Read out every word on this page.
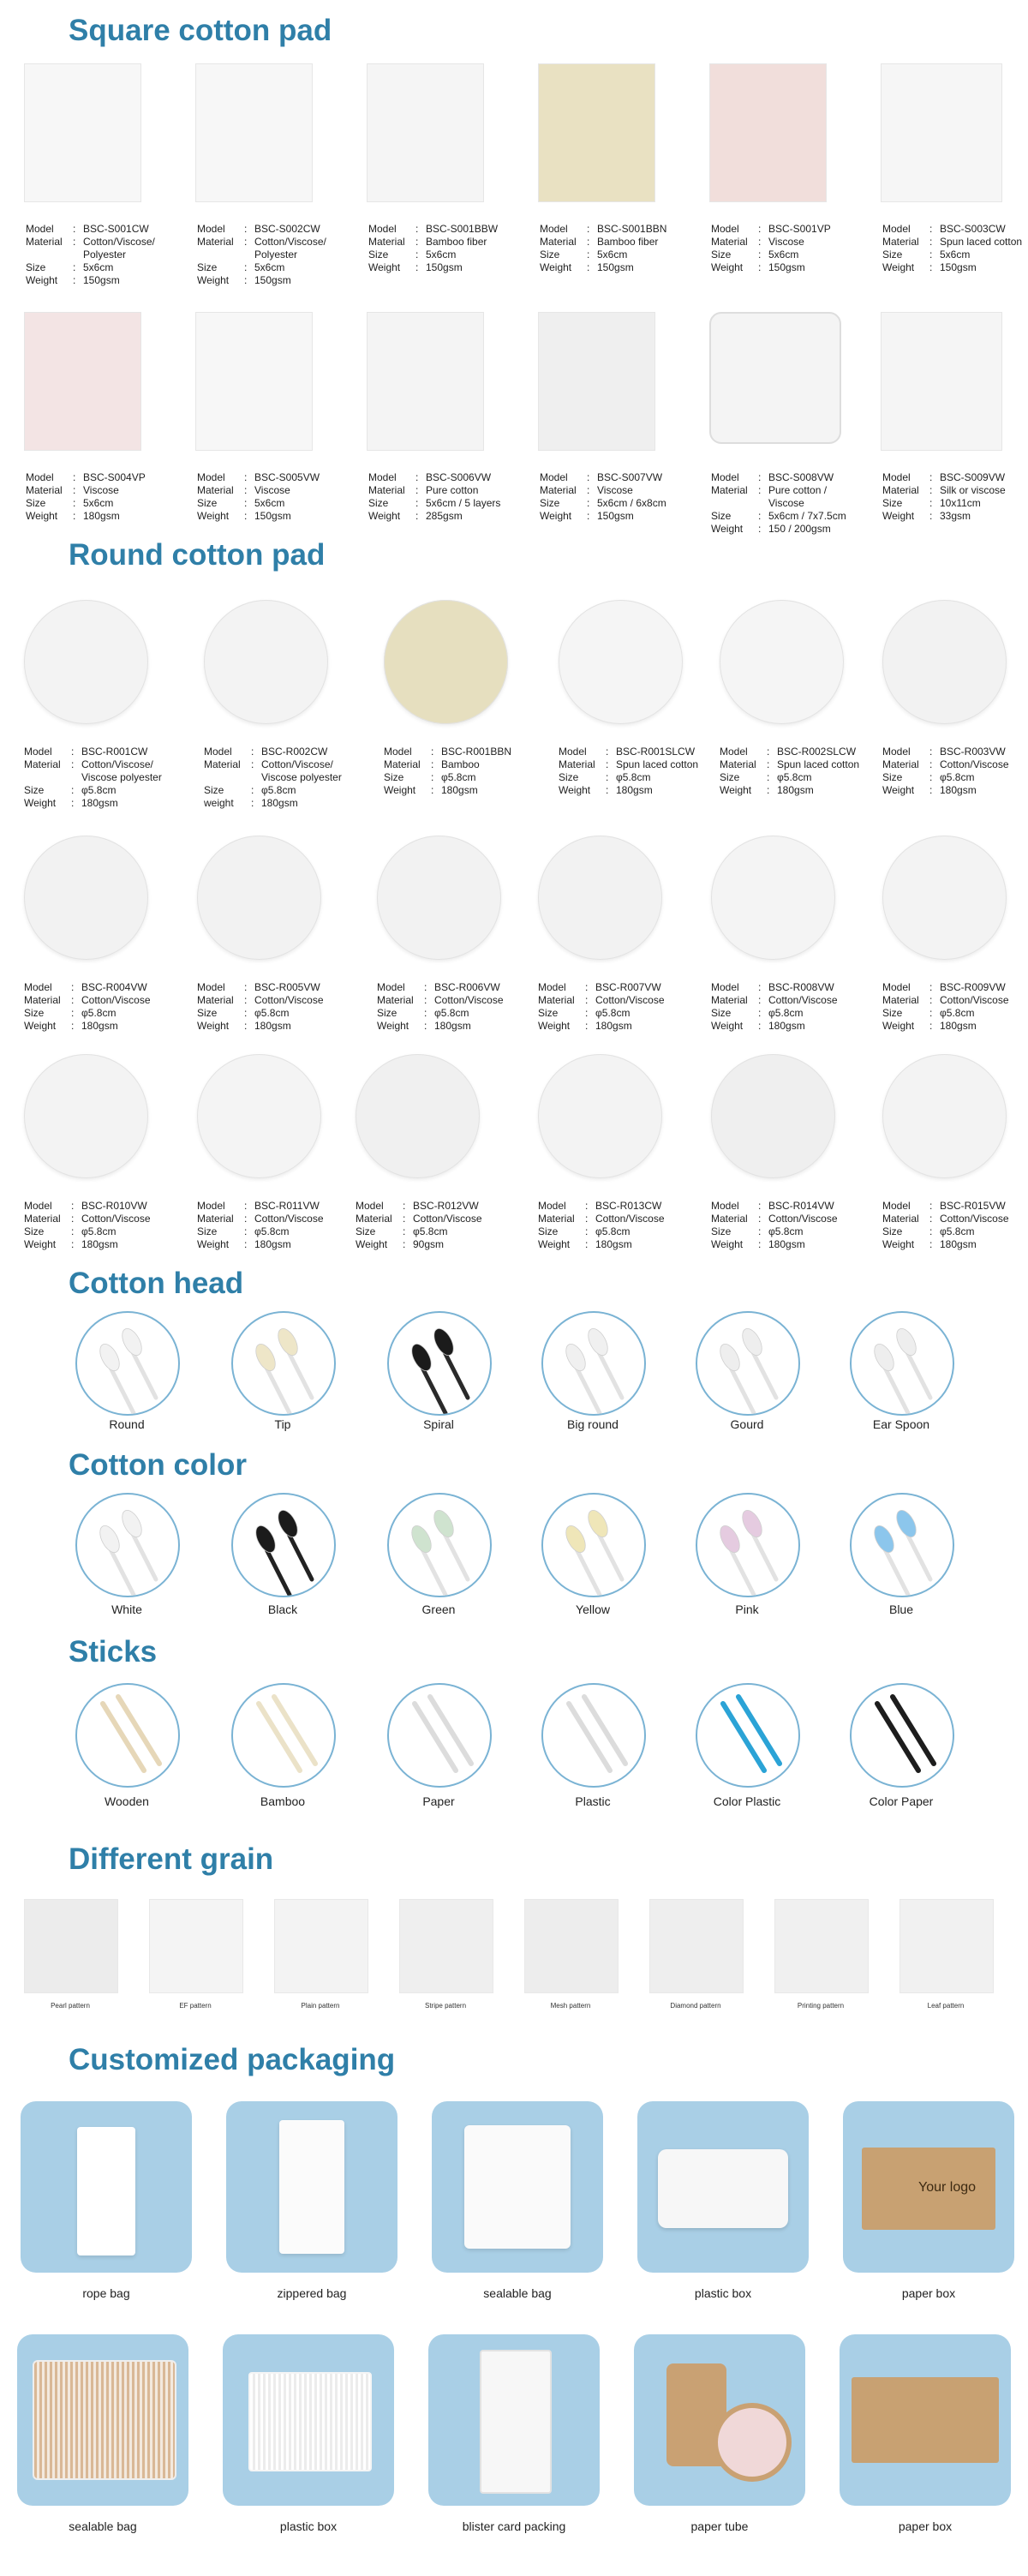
Square cotton pad
Model	: BSC-S001CW
Material	: Cotton/Viscose/ Polyester
Size	: 5x6cm
Weight	: 150gsm
Model	: BSC-S002CW
Material	: Cotton/Viscose/ Polyester
Size	: 5x6cm
Weight	: 150gsm
Model	: BSC-S001BBW
Material	: Bamboo fiber
Size	: 5x6cm
Weight	: 150gsm
Model	: BSC-S001BBN
Material	: Bamboo fiber
Size	: 5x6cm
Weight	: 150gsm
Model	: BSC-S001VP
Material	: Viscose
Size	: 5x6cm
Weight	: 150gsm
Model	: BSC-S003CW
Material	: Spun laced cotton
Size	: 5x6cm
Weight	: 150gsm
Model	: BSC-S004VP
Material	: Viscose
Size	: 5x6cm
Weight	: 180gsm
Model	: BSC-S005VW
Material	: Viscose
Size	: 5x6cm
Weight	: 150gsm
Model	: BSC-S006VW
Material	: Pure cotton
Size	: 5x6cm / 5 layers
Weight	: 285gsm
Model	: BSC-S007VW
Material	: Viscose
Size	: 5x6cm / 6x8cm
Weight	: 150gsm
Model	: BSC-S008VW
Material	: Pure cotton / Viscose
Size	: 5x6cm / 7x7.5cm
Weight	: 150 / 200gsm
Model	: BSC-S009VW
Material	: Silk or viscose
Size	: 10x11cm
Weight	: 33gsm
Round cotton pad
Model	: BSC-R001CW
Material	: Cotton/Viscose/ Viscose polyester
Size	: φ5.8cm
Weight	: 180gsm
Model	: BSC-R002CW
Material	: Cotton/Viscose/ Viscose polyester
Size	: φ5.8cm
weight	: 180gsm
Model	: BSC-R001BBN
Material	: Bamboo
Size	: φ5.8cm
Weight	: 180gsm
Model	: BSC-R001SLCW
Material	: Spun laced cotton
Size	: φ5.8cm
Weight	: 180gsm
Model	: BSC-R002SLCW
Material	: Spun laced cotton
Size	: φ5.8cm
Weight	: 180gsm
Model	: BSC-R003VW
Material	: Cotton/Viscose
Size	: φ5.8cm
Weight	: 180gsm
Model	: BSC-R004VW
Material	: Cotton/Viscose
Size	: φ5.8cm
Weight	: 180gsm
Model	: BSC-R005VW
Material	: Cotton/Viscose
Size	: φ5.8cm
Weight	: 180gsm
Model	: BSC-R006VW
Material	: Cotton/Viscose
Size	: φ5.8cm
Weight	: 180gsm
Model	: BSC-R007VW
Material	: Cotton/Viscose
Size	: φ5.8cm
Weight	: 180gsm
Model	: BSC-R008VW
Material	: Cotton/Viscose
Size	: φ5.8cm
Weight	: 180gsm
Model	: BSC-R009VW
Material	: Cotton/Viscose
Size	: φ5.8cm
Weight	: 180gsm
Model	: BSC-R010VW
Material	: Cotton/Viscose
Size	: φ5.8cm
Weight	: 180gsm
Model	: BSC-R011VW
Material	: Cotton/Viscose
Size	: φ5.8cm
Weight	: 180gsm
Model	: BSC-R012VW
Material	: Cotton/Viscose
Size	: φ5.8cm
Weight	: 90gsm
Model	: BSC-R013CW
Material	: Cotton/Viscose
Size	: φ5.8cm
Weight	: 180gsm
Model	: BSC-R014VW
Material	: Cotton/Viscose
Size	: φ5.8cm
Weight	: 180gsm
Model	: BSC-R015VW
Material	: Cotton/Viscose
Size	: φ5.8cm
Weight	: 180gsm
Cotton head
Round	Tip	Spiral	Big round	Gourd	Ear Spoon
Cotton color
White	Black	Green	Yellow	Pink	Blue
Sticks
Wooden	Bamboo	Paper	Plastic	Color Plastic	Color Paper
Different grain
Pearl pattern	EF pattern	Plain pattern	Stripe pattern	Mesh pattern	Diamond pattern	Printing pattern	Leaf pattern
Customized packaging
rope bag	zippered bag	sealable bag	plastic box
Your logo
paper box
sealable bag	plastic box	blister card packing	paper tube	paper box
